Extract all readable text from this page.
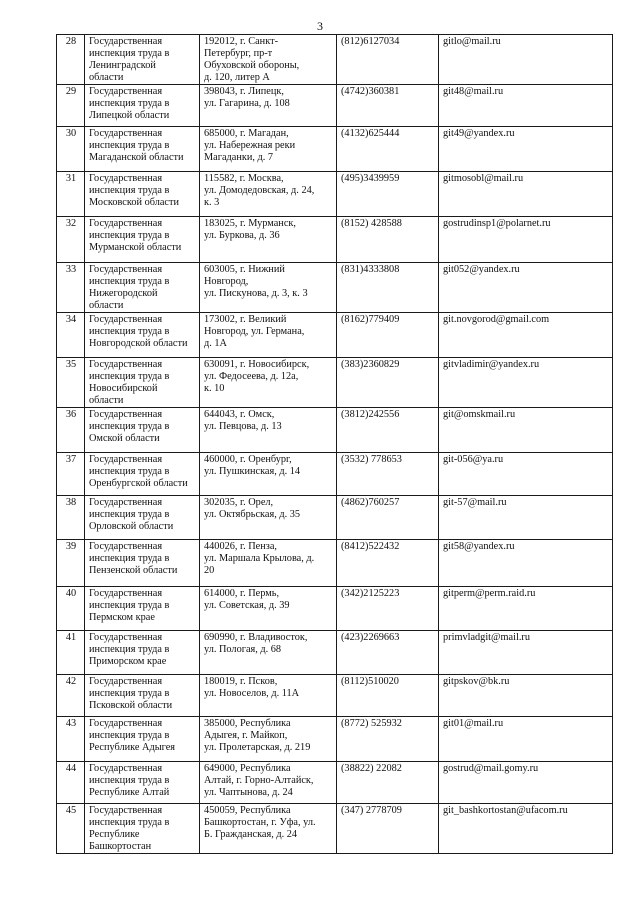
3
28	Государственная
инспекция труда в
Ленинградской
области	192012, г. Санкт-
Петербург, пр-т
Обуховской обороны,
д. 120, литер А	(812)6127034	gitlo@mail.ru
29	Государственная
инспекция труда в
Липецкой области	398043, г. Липецк,
ул. Гагарина, д. 108	(4742)360381	git48@mail.ru
30	Государственная
инспекция труда в
Магаданской области	685000, г. Магадан,
ул. Набережная реки
Магаданки, д. 7	(4132)625444	git49@yandex.ru
31	Государственная
инспекция труда в
Московской области	115582, г. Москва,
ул. Домодедовская, д. 24,
к. 3	(495)3439959	gitmosobl@mail.ru
32	Государственная
инспекция труда в
Мурманской области	183025, г. Мурманск,
ул. Буркова, д. 36	(8152) 428588	gostrudinsp1@polarnet.ru
33	Государственная
инспекция труда в
Нижегородской
области	603005, г. Нижний
Новгород,
ул. Пискунова, д. 3, к. 3	(831)4333808	git052@yandex.ru
34	Государственная
инспекция труда в
Новгородской области	173002, г. Великий
Новгород, ул. Германа,
д. 1А	(8162)779409	git.novgorod@gmail.com
35	Государственная
инспекция труда в
Новосибирской
области	630091, г. Новосибирск,
ул. Федосеева, д. 12а,
к. 10	(383)2360829	gitvladimir@yandex.ru
36	Государственная
инспекция труда в
Омской области	644043, г. Омск,
ул. Певцова, д. 13	(3812)242556	git@omskmail.ru
37	Государственная
инспекция труда в
Оренбургской области	460000, г. Оренбург,
ул. Пушкинская, д. 14	(3532) 778653	git-056@ya.ru
38	Государственная
инспекция труда в
Орловской области	302035, г. Орел,
ул. Октябрьская, д. 35	(4862)760257	git-57@mail.ru
39	Государственная
инспекция труда в
Пензенской области	440026, г. Пенза,
ул. Маршала Крылова, д.
20	(8412)522432	git58@yandex.ru
40	Государственная
инспекция труда в
Пермском крае	614000, г. Пермь,
ул. Советская, д. 39	(342)2125223	gitperm@perm.raid.ru
41	Государственная
инспекция труда в
Приморском крае	690990, г. Владивосток,
ул. Пологая, д. 68	(423)2269663	primvladgit@mail.ru
42	Государственная
инспекция труда в
Псковской области	180019, г. Псков,
ул. Новоселов, д. 11А	(8112)510020	gitpskov@bk.ru
43	Государственная
инспекция труда в
Республике Адыгея	385000, Республика
Адыгея, г. Майкоп,
ул. Пролетарская, д. 219	(8772) 525932	git01@mail.ru
44	Государственная
инспекция труда в
Республике Алтай	649000, Республика
Алтай, г. Горно-Алтайск,
ул. Чаптынова, д. 24	(38822) 22082	gostrud@mail.gomy.ru
45	Государственная
инспекция труда в
Республике
Башкортостан	450059, Республика
Башкортостан, г. Уфа, ул.
Б. Гражданская, д. 24	(347) 2778709	git_bashkortostan@ufacom.ru
